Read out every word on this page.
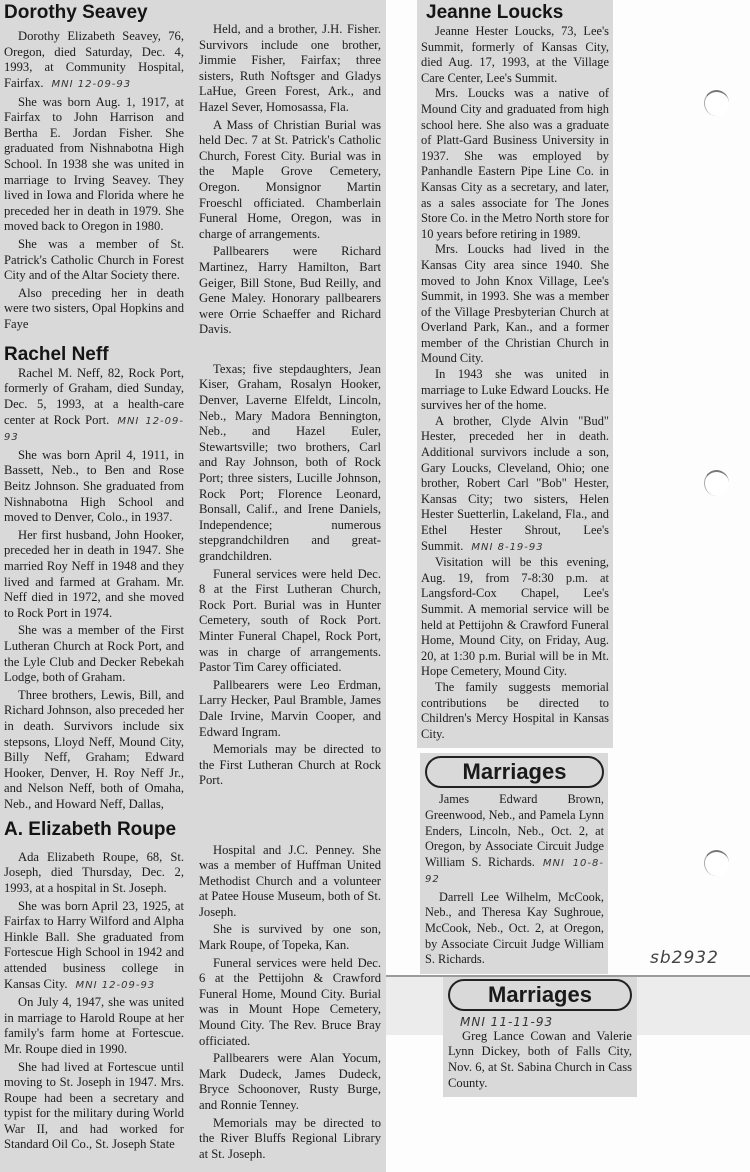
sb2932
Dorothy Seavey

Dorothy Elizabeth Seavey, 76, Oregon, died Saturday, Dec. 4, 1993, at Community Hospital, Fairfax. MNI 12-09-93

She was born Aug. 1, 1917, at Fairfax to John Harrison and Bertha E. Jordan Fisher. She graduated from Nishnabotna High School. In 1938 she was united in marriage to Irving Seavey. They lived in Iowa and Florida where he preceded her in death in 1979. She moved back to Oregon in 1980.

She was a member of St. Patrick's Catholic Church in Forest City and of the Altar Society there.

Also preceding her in death were two sisters, Opal Hopkins and Faye

Held, and a brother, J.H. Fisher. Survivors include one brother, Jimmie Fisher, Fairfax; three sisters, Ruth Noftsger and Gladys LaHue, Green Forest, Ark., and Hazel Sever, Homosassa, Fla.

A Mass of Christian Burial was held Dec. 7 at St. Patrick's Catholic Church, Forest City. Burial was in the Maple Grove Cemetery, Oregon. Monsignor Martin Froeschl officiated. Chamberlain Funeral Home, Oregon, was in charge of arrangements.

Pallbearers were Richard Martinez, Harry Hamilton, Bart Geiger, Bill Stone, Bud Reilly, and Gene Maley. Honorary pallbearers were Orrie Schaeffer and Richard Davis.

Rachel Neff

Rachel M. Neff, 82, Rock Port, formerly of Graham, died Sunday, Dec. 5, 1993, at a health-care center at Rock Port. MNI 12-09-93

She was born April 4, 1911, in Bassett, Neb., to Ben and Rose Beitz Johnson. She graduated from Nishnabotna High School and moved to Denver, Colo., in 1937.

Her first husband, John Hooker, preceded her in death in 1947. She married Roy Neff in 1948 and they lived and farmed at Graham. Mr. Neff died in 1972, and she moved to Rock Port in 1974.

She was a member of the First Lutheran Church at Rock Port, and the Lyle Club and Decker Rebekah Lodge, both of Graham.

Three brothers, Lewis, Bill, and Richard Johnson, also preceded her in death. Survivors include six stepsons, Lloyd Neff, Mound City, Billy Neff, Graham; Edward Hooker, Denver, H. Roy Neff Jr., and Nelson Neff, both of Omaha, Neb., and Howard Neff, Dallas,

Texas; five stepdaughters, Jean Kiser, Graham, Rosalyn Hooker, Denver, Laverne Elfeldt, Lincoln, Neb., Mary Madora Bennington, Neb., and Hazel Euler, Stewartsville; two brothers, Carl and Ray Johnson, both of Rock Port; three sisters, Lucille Johnson, Rock Port; Florence Leonard, Bonsall, Calif., and Irene Daniels, Independence; numerous stepgrandchildren and great-grandchildren.

Funeral services were held Dec. 8 at the First Lutheran Church, Rock Port. Burial was in Hunter Cemetery, south of Rock Port. Minter Funeral Chapel, Rock Port, was in charge of arrangements. Pastor Tim Carey officiated.

Pallbearers were Leo Erdman, Larry Hecker, Paul Bramble, James Dale Irvine, Marvin Cooper, and Edward Ingram.

Memorials may be directed to the First Lutheran Church at Rock Port.

A. Elizabeth Roupe

Ada Elizabeth Roupe, 68, St. Joseph, died Thursday, Dec. 2, 1993, at a hospital in St. Joseph.

She was born April 23, 1925, at Fairfax to Harry Wilford and Alpha Hinkle Ball. She graduated from Fortescue High School in 1942 and attended business college in Kansas City. MNI 12-09-93

On July 4, 1947, she was united in marriage to Harold Roupe at her family's farm home at Fortescue. Mr. Roupe died in 1990.

She had lived at Fortescue until moving to St. Joseph in 1947. Mrs. Roupe had been a secretary and typist for the military during World War II, and had worked for Standard Oil Co., St. Joseph State

Hospital and J.C. Penney. She was a member of Huffman United Methodist Church and a volunteer at Patee House Museum, both of St. Joseph.

She is survived by one son, Mark Roupe, of Topeka, Kan.

Funeral services were held Dec. 6 at the Pettijohn & Crawford Funeral Home, Mound City. Burial was in Mount Hope Cemetery, Mound City. The Rev. Bruce Bray officiated.

Pallbearers were Alan Yocum, Mark Dudeck, James Dudeck, Bryce Schoonover, Rusty Burge, and Ronnie Tenney.

Memorials may be directed to the River Bluffs Regional Library at St. Joseph.

Jeanne Loucks

Jeanne Hester Loucks, 73, Lee's Summit, formerly of Kansas City, died Aug. 17, 1993, at the Village Care Center, Lee's Summit.

Mrs. Loucks was a native of Mound City and graduated from high school here. She also was a graduate of Platt-Gard Business University in 1937. She was employed by Panhandle Eastern Pipe Line Co. in Kansas City as a secretary, and later, as a sales associate for The Jones Store Co. in the Metro North store for 10 years before retiring in 1989.

Mrs. Loucks had lived in the Kansas City area since 1940. She moved to John Knox Village, Lee's Summit, in 1993. She was a member of the Village Presbyterian Church at Overland Park, Kan., and a former member of the Christian Church in Mound City.

In 1943 she was united in marriage to Luke Edward Loucks. He survives her of the home.

A brother, Clyde Alvin "Bud" Hester, preceded her in death. Additional survivors include a son, Gary Loucks, Cleveland, Ohio; one brother, Robert Carl "Bob" Hester, Kansas City; two sisters, Helen Hester Suetterlin, Lakeland, Fla., and Ethel Hester Shrout, Lee's Summit. MNI 8-19-93

Visitation will be this evening, Aug. 19, from 7-8:30 p.m. at Langsford-Cox Chapel, Lee's Summit. A memorial service will be held at Pettijohn & Crawford Funeral Home, Mound City, on Friday, Aug. 20, at 1:30 p.m. Burial will be in Mt. Hope Cemetery, Mound City.

The family suggests memorial contributions be directed to Children's Mercy Hospital in Kansas City.

Marriages

James Edward Brown, Greenwood, Neb., and Pamela Lynn Enders, Lincoln, Neb., Oct. 2, at Oregon, by Associate Circuit Judge William S. Richards. MNI 10-8-92

Darrell Lee Wilhelm, McCook, Neb., and Theresa Kay Sughroue, McCook, Neb., Oct. 2, at Oregon, by Associate Circuit Judge William S. Richards.

Marriages
MNI 11-11-93

Greg Lance Cowan and Valerie Lynn Dickey, both of Falls City, Nov. 6, at St. Sabina Church in Cass County.
